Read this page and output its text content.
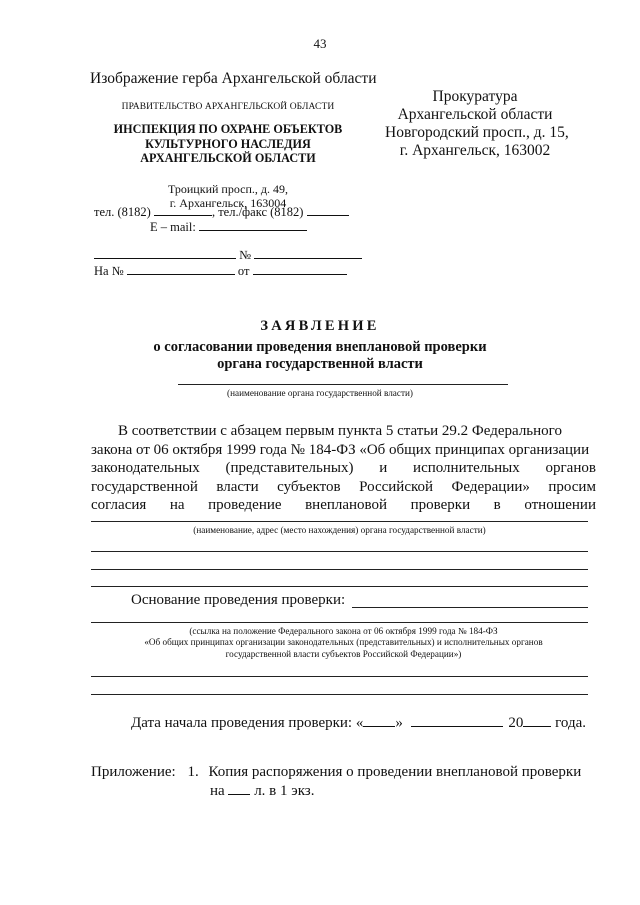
43
Изображение герба Архангельской области
ПРАВИТЕЛЬСТВО АРХАНГЕЛЬСКОЙ ОБЛАСТИ
ИНСПЕКЦИЯ ПО ОХРАНЕ ОБЪЕКТОВ
КУЛЬТУРНОГО НАСЛЕДИЯ
АРХАНГЕЛЬСКОЙ ОБЛАСТИ
Троицкий просп., д. 49,
г. Архангельск, 163004
тел. (8182)	, тел./факс (8182)
E – mail:
№
На №	от
Прокуратура
Архангельской области
Новгородский просп., д. 15,
г. Архангельск, 163002
ЗАЯВЛЕНИЕ
о согласовании проведения внеплановой проверки
органа государственной власти
(наименование органа государственной власти)
В соответствии с абзацем первым пункта 5 статьи 29.2 Федерального
закона от 06 октября 1999 года № 184-ФЗ «Об общих принципах организации
законодательных (представительных) и исполнительных органов
государственной власти субъектов Российской Федерации» просим
согласия на проведение внеплановой проверки в отношении
(наименование, адрес (место нахождения) органа государственной власти)
Основание проведения проверки:
(ссылка на положение Федерального закона от 06 октября 1999 года № 184-ФЗ
«Об общих принципах организации законодательных (представительных) и исполнительных органов
государственной власти субъектов Российской Федерации»)
Дата начала проведения проверки: « »	20 года.
Приложение: 1. Копия распоряжения о проведении внеплановой проверки
на л. в 1 экз.
